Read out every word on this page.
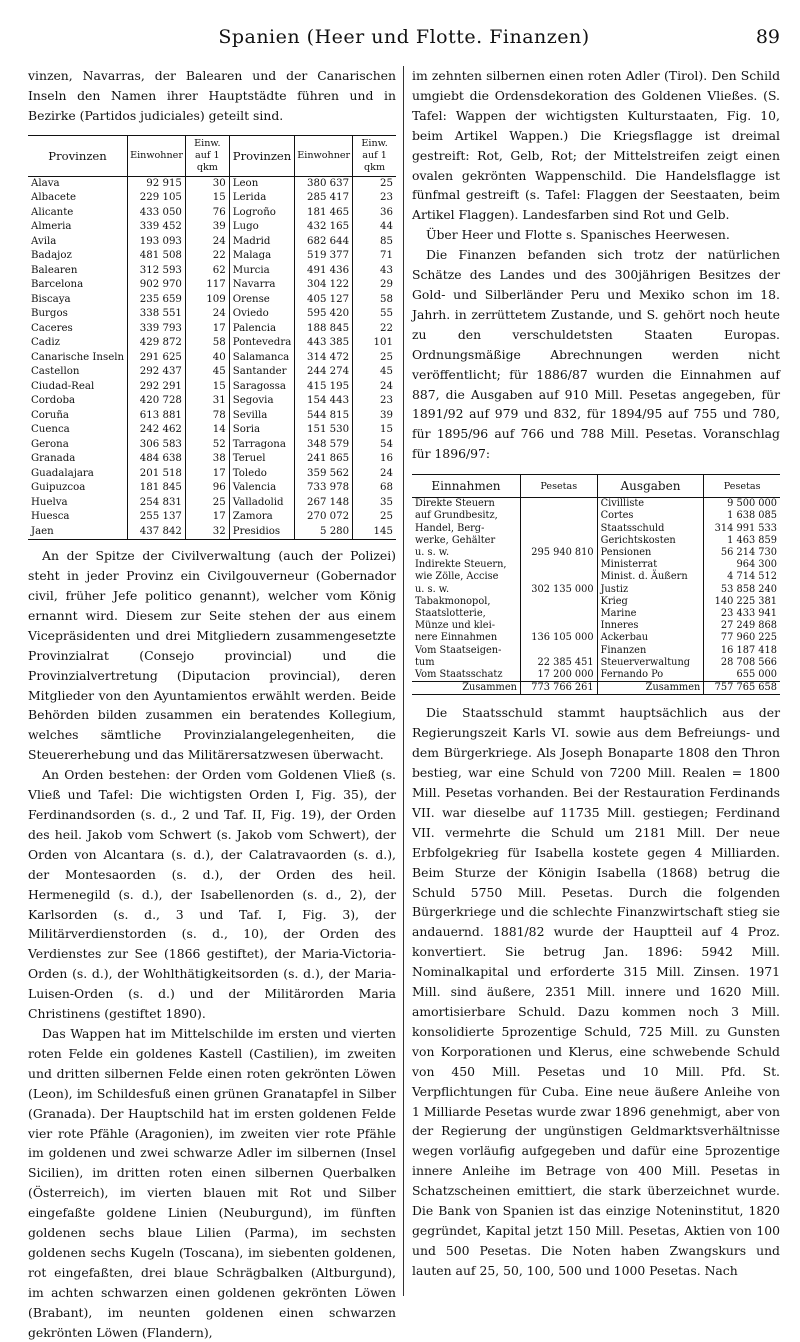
Spanien (Heer und Flotte. Finanzen)	89

vinzen, Navarras, der Balearen und der Canarischen Inseln den Namen ihrer Hauptstädte führen und in Bezirke (Partidos judiciales) geteilt sind.

Provinzen	Einwohner	Einw. auf 1 qkm	Provinzen	Einwohner	Einw. auf 1 qkm
Alava	92 915	30	Leon	380 637	25
Albacete	229 105	15	Lerida	285 417	23
Alicante	433 050	76	Logroño	181 465	36
Almeria	339 452	39	Lugo	432 165	44
Avila	193 093	24	Madrid	682 644	85
Badajoz	481 508	22	Malaga	519 377	71
Balearen	312 593	62	Murcia	491 436	43
Barcelona	902 970	117	Navarra	304 122	29
Biscaya	235 659	109	Orense	405 127	58
Burgos	338 551	24	Oviedo	595 420	55
Caceres	339 793	17	Palencia	188 845	22
Cadiz	429 872	58	Pontevedra	443 385	101
Canarische Inseln	291 625	40	Salamanca	314 472	25
Castellon	292 437	45	Santander	244 274	45
Ciudad-Real	292 291	15	Saragossa	415 195	24
Cordoba	420 728	31	Segovia	154 443	23
Coruña	613 881	78	Sevilla	544 815	39
Cuenca	242 462	14	Soria	151 530	15
Gerona	306 583	52	Tarragona	348 579	54
Granada	484 638	38	Teruel	241 865	16
Guadalajara	201 518	17	Toledo	359 562	24
Guipuzcoa	181 845	96	Valencia	733 978	68
Huelva	254 831	25	Valladolid	267 148	35
Huesca	255 137	17	Zamora	270 072	25
Jaen	437 842	32	Presidios	5 280	145

An der Spitze der Civilverwaltung (auch der Polizei) steht in jeder Provinz ein Civilgouverneur (Gobernador civil, früher Jefe politico genannt), welcher vom König ernannt wird. Diesem zur Seite stehen der aus einem Vicepräsidenten und drei Mitgliedern zusammengesetzte Provinzialrat (Consejo provincial) und die Provinzialvertretung (Diputacion provincial), deren Mitglieder von den Ayuntamientos erwählt werden. Beide Behörden bilden zusammen ein beratendes Kollegium, welches sämtliche Provinzialangelegenheiten, die Steuererhebung und das Militärersatzwesen überwacht.

An Orden bestehen: der Orden vom Goldenen Vließ (s. Vließ und Tafel: Die wichtigsten Orden I, Fig. 35), der Ferdinandsorden (s. d., 2 und Taf. II, Fig. 19), der Orden des heil. Jakob vom Schwert (s. Jakob vom Schwert), der Orden von Alcantara (s. d.), der Calatravaorden (s. d.), der Montesaorden (s. d.), der Orden des heil. Hermenegild (s. d.), der Isabellenorden (s. d., 2), der Karlsorden (s. d., 3 und Taf. I, Fig. 3), der Militärverdienstorden (s. d., 10), der Orden des Verdienstes zur See (1866 gestiftet), der Maria-Victoria-Orden (s. d.), der Wohlthätigkeitsorden (s. d.), der Maria-Luisen-Orden (s. d.) und der Militärorden Maria Christinens (gestiftet 1890).

Das Wappen hat im Mittelschilde im ersten und vierten roten Felde ein goldenes Kastell (Castilien), im zweiten und dritten silbernen Felde einen roten gekrönten Löwen (Leon), im Schildesfuß einen grünen Granatapfel in Silber (Granada). Der Hauptschild hat im ersten goldenen Felde vier rote Pfähle (Aragonien), im zweiten vier rote Pfähle im goldenen und zwei schwarze Adler im silbernen (Insel Sicilien), im dritten roten einen silbernen Querbalken (Österreich), im vierten blauen mit Rot und Silber eingefaßte goldene Linien (Neuburgund), im fünften goldenen sechs blaue Lilien (Parma), im sechsten goldenen sechs Kugeln (Toscana), im siebenten goldenen, rot eingefaßten, drei blaue Schrägbalken (Altburgund), im achten schwarzen einen goldenen gekrönten Löwen (Brabant), im neunten goldenen einen schwarzen gekrönten Löwen (Flandern),

im zehnten silbernen einen roten Adler (Tirol). Den Schild umgiebt die Ordensdekoration des Goldenen Vließes. (S. Tafel: Wappen der wichtigsten Kulturstaaten, Fig. 10, beim Artikel Wappen.) Die Kriegsflagge ist dreimal gestreift: Rot, Gelb, Rot; der Mittelstreifen zeigt einen ovalen gekrönten Wappenschild. Die Handelsflagge ist fünfmal gestreift (s. Tafel: Flaggen der Seestaaten, beim Artikel Flaggen). Landesfarben sind Rot und Gelb.

Über Heer und Flotte s. Spanisches Heerwesen.

Die Finanzen befanden sich trotz der natürlichen Schätze des Landes und des 300jährigen Besitzes der Gold- und Silberländer Peru und Mexiko schon im 18. Jahrh. in zerrüttetem Zustande, und S. gehört noch heute zu den verschuldetsten Staaten Europas. Ordnungsmäßige Abrechnungen werden nicht veröffentlicht; für 1886/87 wurden die Einnahmen auf 887, die Ausgaben auf 910 Mill. Pesetas angegeben, für 1891/92 auf 979 und 832, für 1894/95 auf 755 und 780, für 1895/96 auf 766 und 788 Mill. Pesetas. Voranschlag für 1896/97:

Einnahmen	Pesetas	Ausgaben	Pesetas
Direkte Steuern		Civilliste	9 500 000
auf Grundbesitz,		Cortes	1 638 085
Handel, Berg-		Staatsschuld	314 991 533
werke, Gehälter		Gerichtskosten	1 463 859
u. s. w.	295 940 810	Pensionen	56 214 730
Indirekte Steuern,		Ministerrat	964 300
wie Zölle, Accise		Minist. d. Äußern	4 714 512
u. s. w.	302 135 000	Justiz	53 858 240
Tabakmonopol,		Krieg	140 225 381
Staatslotterie,		Marine	23 433 941
Münze und klei-		Inneres	27 249 868
nere Einnahmen	136 105 000	Ackerbau	77 960 225
Vom Staatseigen-		Finanzen	16 187 418
tum	22 385 451	Steuerverwaltung	28 708 566
Vom Staatsschatz	17 200 000	Fernando Po	655 000
Zusammen	773 766 261	Zusammen	757 765 658

Die Staatsschuld stammt hauptsächlich aus der Regierungszeit Karls VI. sowie aus dem Befreiungs- und dem Bürgerkriege. Als Joseph Bonaparte 1808 den Thron bestieg, war eine Schuld von 7200 Mill. Realen = 1800 Mill. Pesetas vorhanden. Bei der Restauration Ferdinands VII. war dieselbe auf 11735 Mill. gestiegen; Ferdinand VII. vermehrte die Schuld um 2181 Mill. Der neue Erbfolgekrieg für Isabella kostete gegen 4 Milliarden. Beim Sturze der Königin Isabella (1868) betrug die Schuld 5750 Mill. Pesetas. Durch die folgenden Bürgerkriege und die schlechte Finanzwirtschaft stieg sie andauernd. 1881/82 wurde der Hauptteil auf 4 Proz. konvertiert. Sie betrug Jan. 1896: 5942 Mill. Nominalkapital und erforderte 315 Mill. Zinsen. 1971 Mill. sind äußere, 2351 Mill. innere und 1620 Mill. amortisierbare Schuld. Dazu kommen noch 3 Mill. konsolidierte 5prozentige Schuld, 725 Mill. zu Gunsten von Korporationen und Klerus, eine schwebende Schuld von 450 Mill. Pesetas und 10 Mill. Pfd. St. Verpflichtungen für Cuba. Eine neue äußere Anleihe von 1 Milliarde Pesetas wurde zwar 1896 genehmigt, aber von der Regierung der ungünstigen Geldmarktsverhältnisse wegen vorläufig aufgegeben und dafür eine 5prozentige innere Anleihe im Betrage von 400 Mill. Pesetas in Schatzscheinen emittiert, die stark überzeichnet wurde. Die Bank von Spanien ist das einzige Noteninstitut, 1820 gegründet, Kapital jetzt 150 Mill. Pesetas, Aktien von 100 und 500 Pesetas. Die Noten haben Zwangskurs und lauten auf 25, 50, 100, 500 und 1000 Pesetas. Nach
